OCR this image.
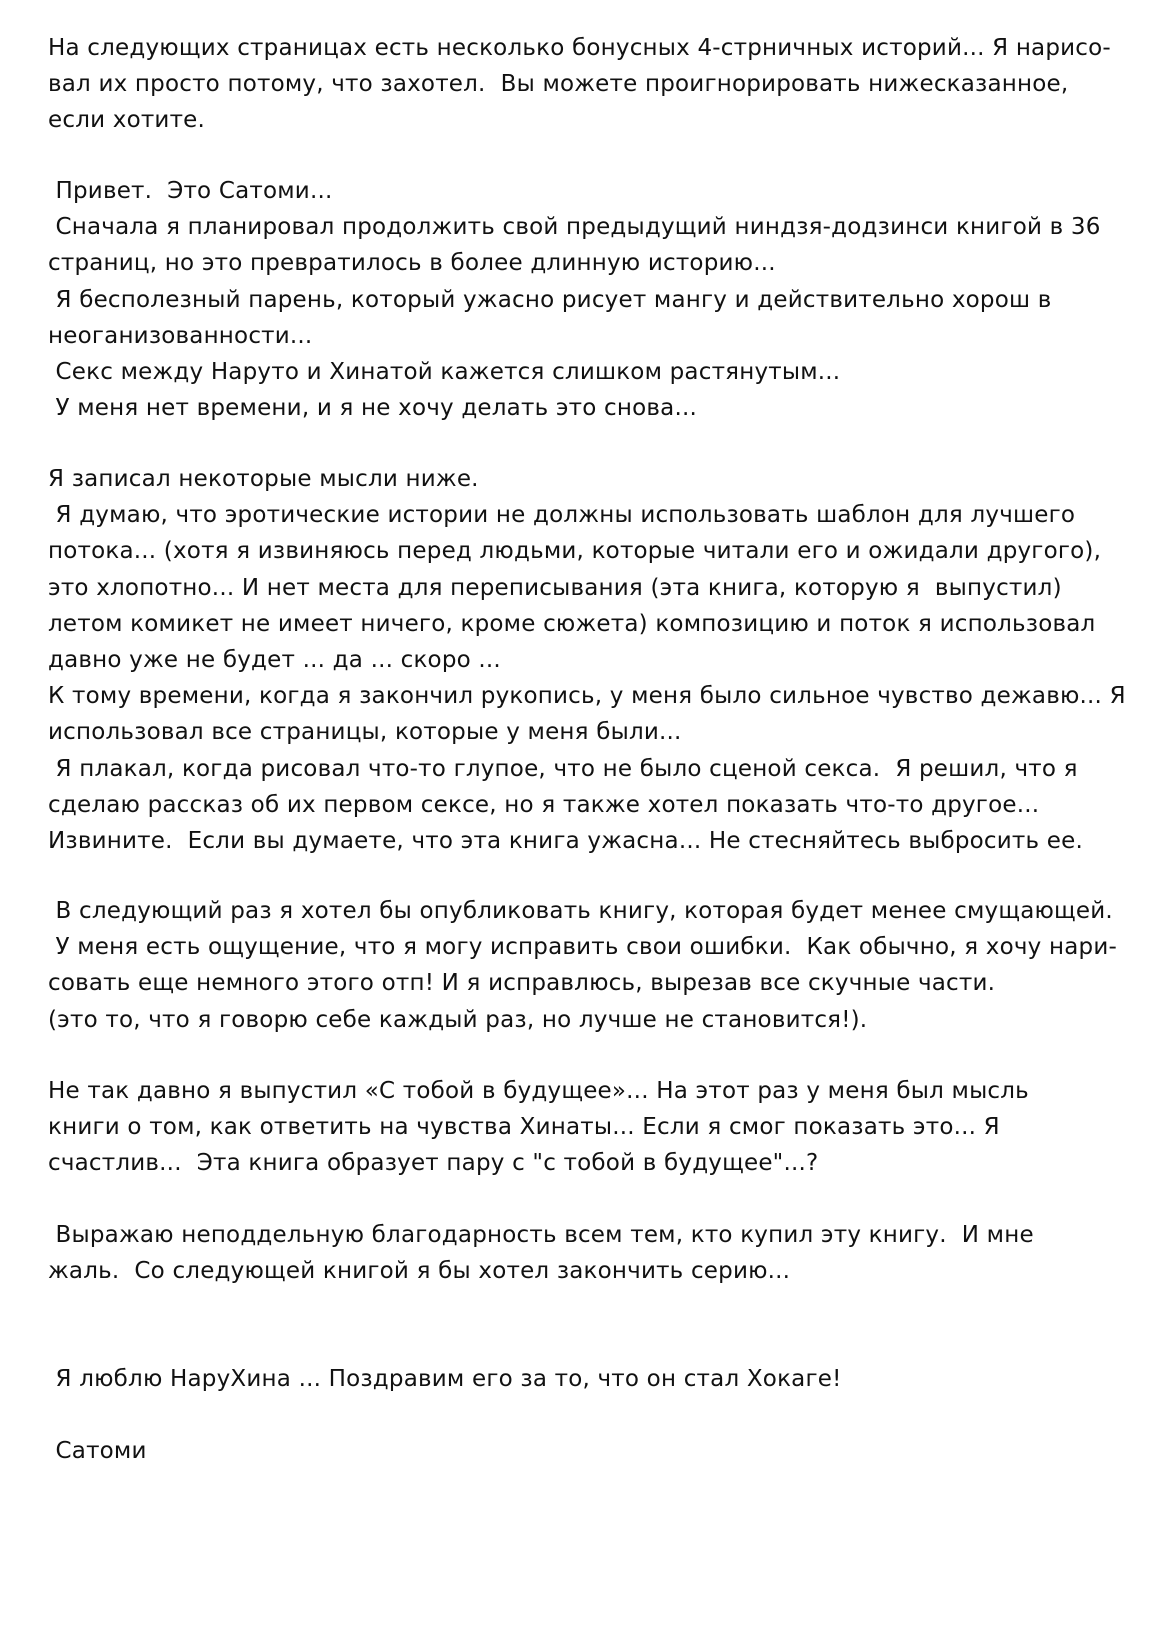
На следующих страницах есть несколько бонусных 4-стрничных историй... Я нарисо-
вал их просто потому, что захотел.  Вы можете проигнорировать нижесказанное,
если хотите.
Привет.  Это Сатоми...
Сначала я планировал продолжить свой предыдущий ниндзя-додзинси книгой в 36
страниц, но это превратилось в более длинную историю...
Я бесполезный парень, который ужасно рисует мангу и действительно хорош в
неоганизованности...
Секс между Наруто и Хинатой кажется слишком растянутым...
У меня нет времени, и я не хочу делать это снова...
Я записал некоторые мысли ниже.
Я думаю, что эротические истории не должны использовать шаблон для лучшего
потока... (хотя я извиняюсь перед людьми, которые читали его и ожидали другого),
это хлопотно... И нет места для переписывания (эта книга, которую я  выпустил)
летом комикет не имеет ничего, кроме сюжета) композицию и поток я использовал
давно уже не будет ... да ... скоро ...
К тому времени, когда я закончил рукопись, у меня было сильное чувство дежавю... Я
использовал все страницы, которые у меня были...
Я плакал, когда рисовал что-то глупое, что не было сценой секса.  Я решил, что я
сделаю рассказ об их первом сексе, но я также хотел показать что-то другое...
Извините.  Если вы думаете, что эта книга ужасна... Не стесняйтесь выбросить ее.
В следующий раз я хотел бы опубликовать книгу, которая будет менее смущающей.
У меня есть ощущение, что я могу исправить свои ошибки.  Как обычно, я хочу нари-
совать еще немного этого отп! И я исправлюсь, вырезав все скучные части.
(это то, что я говорю себе каждый раз, но лучше не становится!).
Не так давно я выпустил «С тобой в будущее»... На этот раз у меня был мысль
книги о том, как ответить на чувства Хинаты... Если я смог показать это... Я
счастлив...  Эта книга образует пару с "с тобой в будущее"...?
Выражаю неподдельную благодарность всем тем, кто купил эту книгу.  И мне
жаль.  Со следующей книгой я бы хотел закончить серию...
Я люблю НаруХина ... Поздравим его за то, что он стал Хокаге!
Сатоми
